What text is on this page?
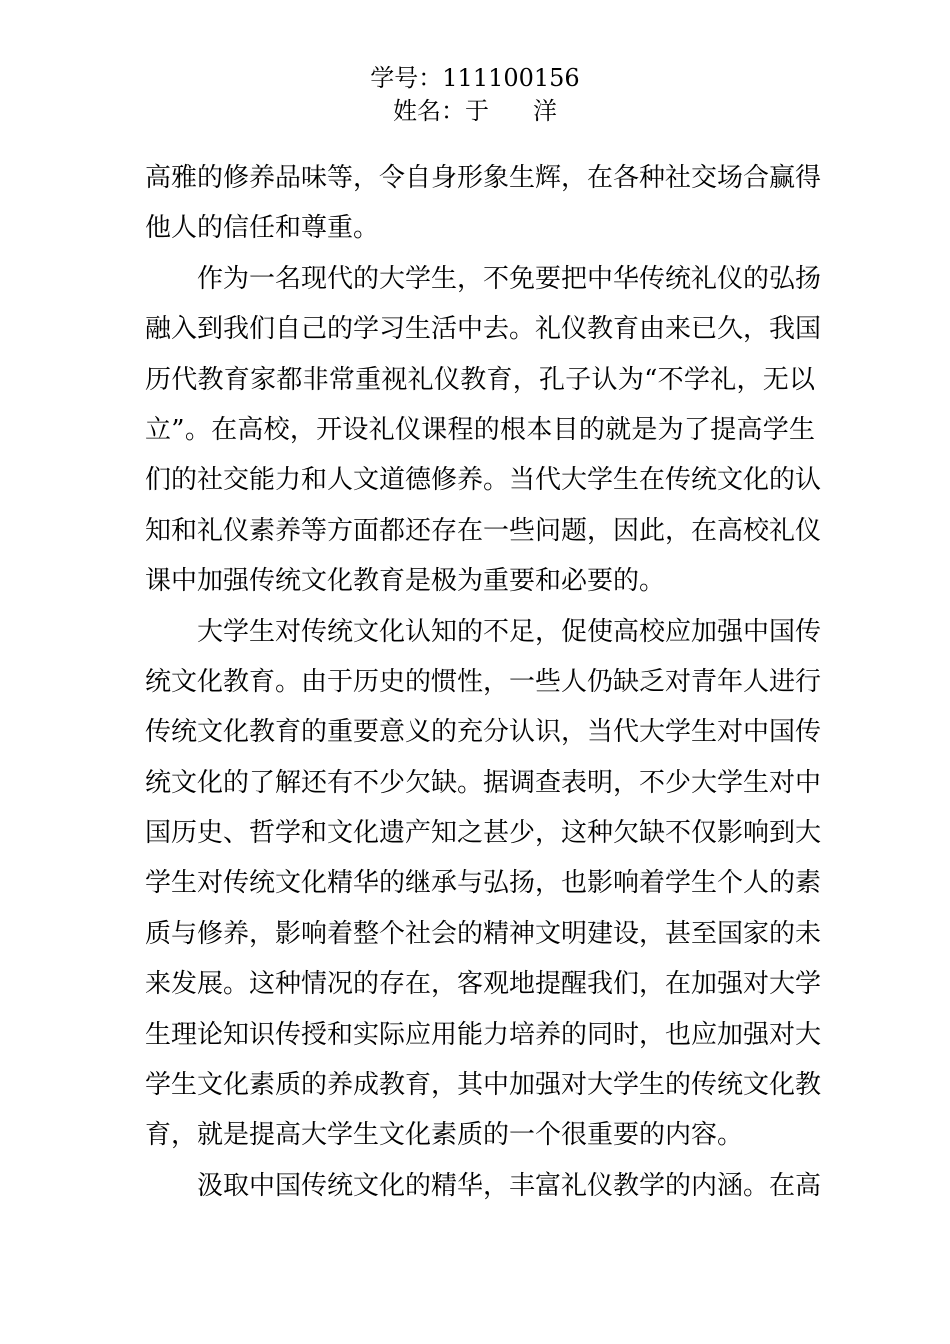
学号：111100156
姓名：于 洋
高雅的修养品味等，令自身形象生辉，在各种社交场合赢得
他人的信任和尊重。
作为一名现代的大学生，不免要把中华传统礼仪的弘扬
融入到我们自己的学习生活中去。礼仪教育由来已久，我国
历代教育家都非常重视礼仪教育，孔子认为“不学礼，无以
立”。在高校，开设礼仪课程的根本目的就是为了提高学生
们的社交能力和人文道德修养。当代大学生在传统文化的认
知和礼仪素养等方面都还存在一些问题，因此，在高校礼仪
课中加强传统文化教育是极为重要和必要的。
大学生对传统文化认知的不足，促使高校应加强中国传
统文化教育。由于历史的惯性，一些人仍缺乏对青年人进行
传统文化教育的重要意义的充分认识，当代大学生对中国传
统文化的了解还有不少欠缺。据调查表明，不少大学生对中
国历史、哲学和文化遗产知之甚少，这种欠缺不仅影响到大
学生对传统文化精华的继承与弘扬，也影响着学生个人的素
质与修养，影响着整个社会的精神文明建设，甚至国家的未
来发展。这种情况的存在，客观地提醒我们，在加强对大学
生理论知识传授和实际应用能力培养的同时，也应加强对大
学生文化素质的养成教育，其中加强对大学生的传统文化教
育，就是提高大学生文化素质的一个很重要的内容。
汲取中国传统文化的精华，丰富礼仪教学的内涵。在高
